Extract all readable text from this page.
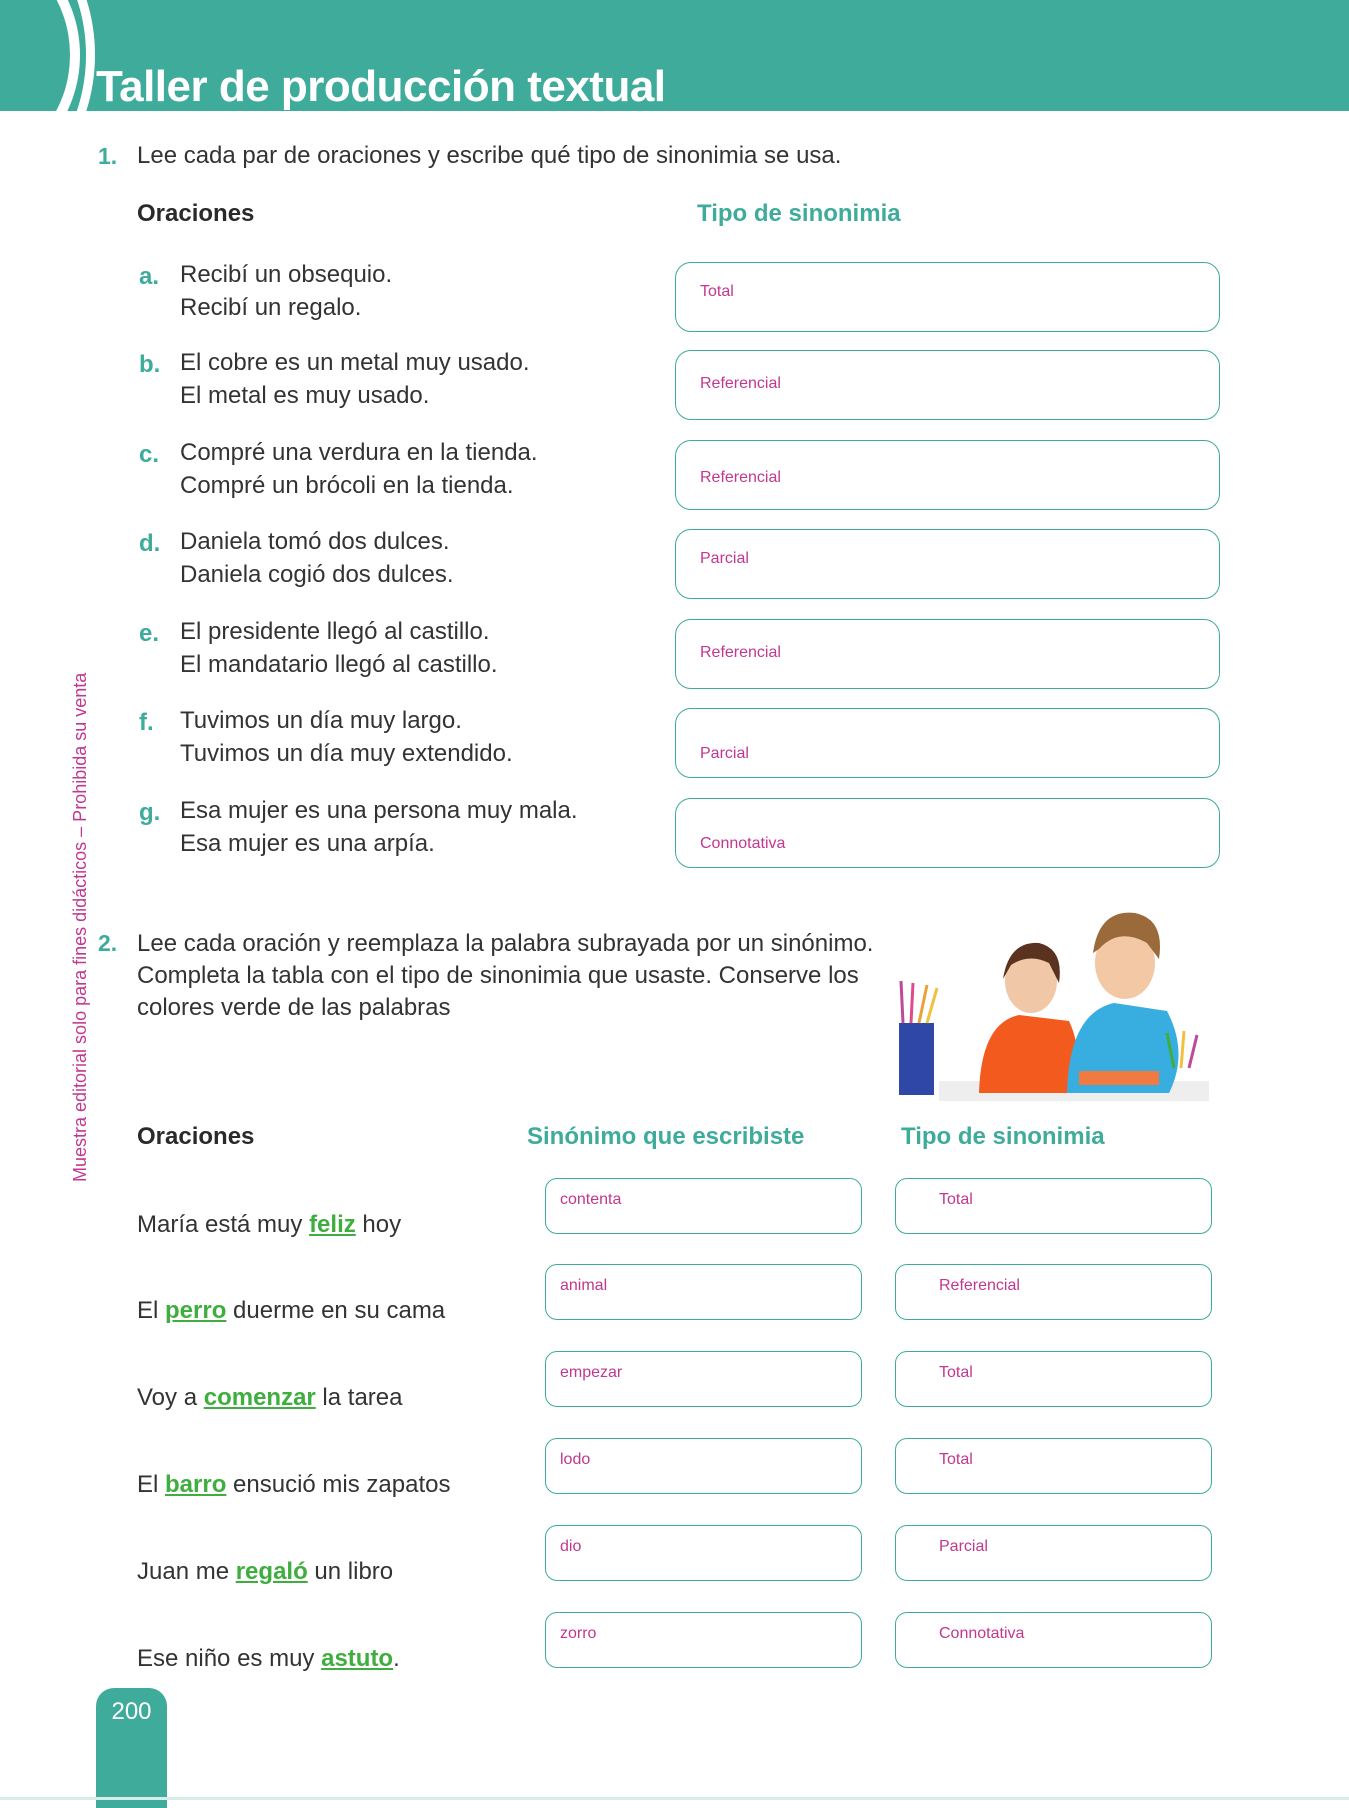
Taller de producción textual
Muestra editorial solo para fines didácticos – Prohibida su venta
1. Lee cada par de oraciones y escribe qué tipo de sinonimia se usa.
Oraciones	Tipo de sinonimia
a. Recibí un obsequio.
Recibí un regalo.
Total
b. El cobre es un metal muy usado.
El metal es muy usado.	Referencial
c. Compré una verdura en la tienda.
Compré un brócoli en la tienda.	Referencial
d. Daniela tomó dos dulces.
Daniela cogió dos dulces.
Parcial
e. El presidente llegó al castillo.
El mandatario llegó al castillo.	Referencial
f. Tuvimos un día muy largo.
Tuvimos un día muy extendido.	Parcial
g. Esa mujer es una persona muy mala.
Esa mujer es una arpía.	Connotativa
2. Lee cada oración y reemplaza la palabra subrayada por un sinónimo.
Completa la tabla con el tipo de sinonimia que usaste. Conserve los
colores verde de las palabras
Oraciones	Sinónimo que escribiste	Tipo de sinonimia
María está muy feliz hoy
contenta	Total
El perro duerme en su cama
animal	Referencial
Voy a comenzar la tarea
empezar	Total
El barro ensució mis zapatos
lodo	Total
Juan me regaló un libro
dio	Parcial
Ese niño es muy astuto.
zorro	Connotativa
200
